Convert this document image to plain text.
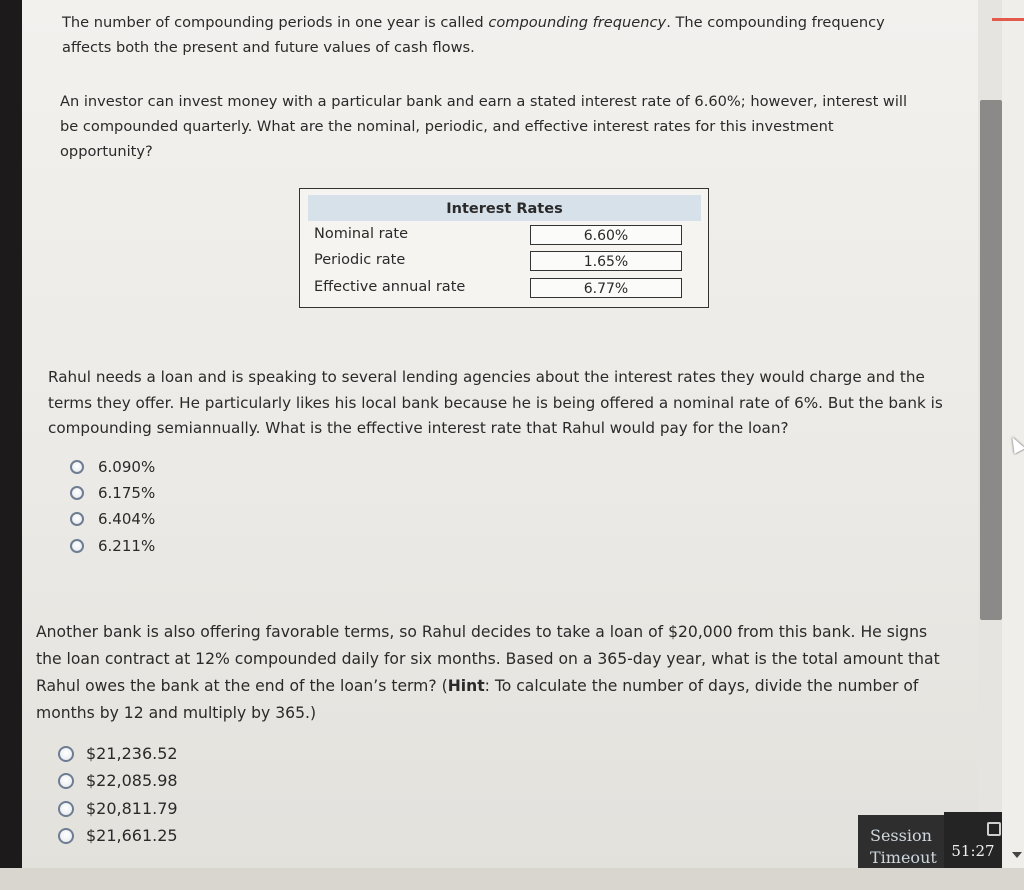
The number of compounding periods in one year is called compounding frequency. The compounding frequency
affects both the present and future values of cash flows.

An investor can invest money with a particular bank and earn a stated interest rate of 6.60%; however, interest will
be compounded quarterly. What are the nominal, periodic, and effective interest rates for this investment
opportunity?

Interest Rates
Nominal rate	6.60%
Periodic rate	1.65%
Effective annual rate	6.77%

Rahul needs a loan and is speaking to several lending agencies about the interest rates they would charge and the
terms they offer. He particularly likes his local bank because he is being offered a nominal rate of 6%. But the bank is
compounding semiannually. What is the effective interest rate that Rahul would pay for the loan?

6.090%
6.175%
6.404%
6.211%

Another bank is also offering favorable terms, so Rahul decides to take a loan of $20,000 from this bank. He signs
the loan contract at 12% compounded daily for six months. Based on a 365-day year, what is the total amount that
Rahul owes the bank at the end of the loan’s term? (Hint: To calculate the number of days, divide the number of
months by 12 and multiply by 365.)

$21,236.52
$22,085.98
$20,811.79
$21,661.25	Session
Timeout 51:27
